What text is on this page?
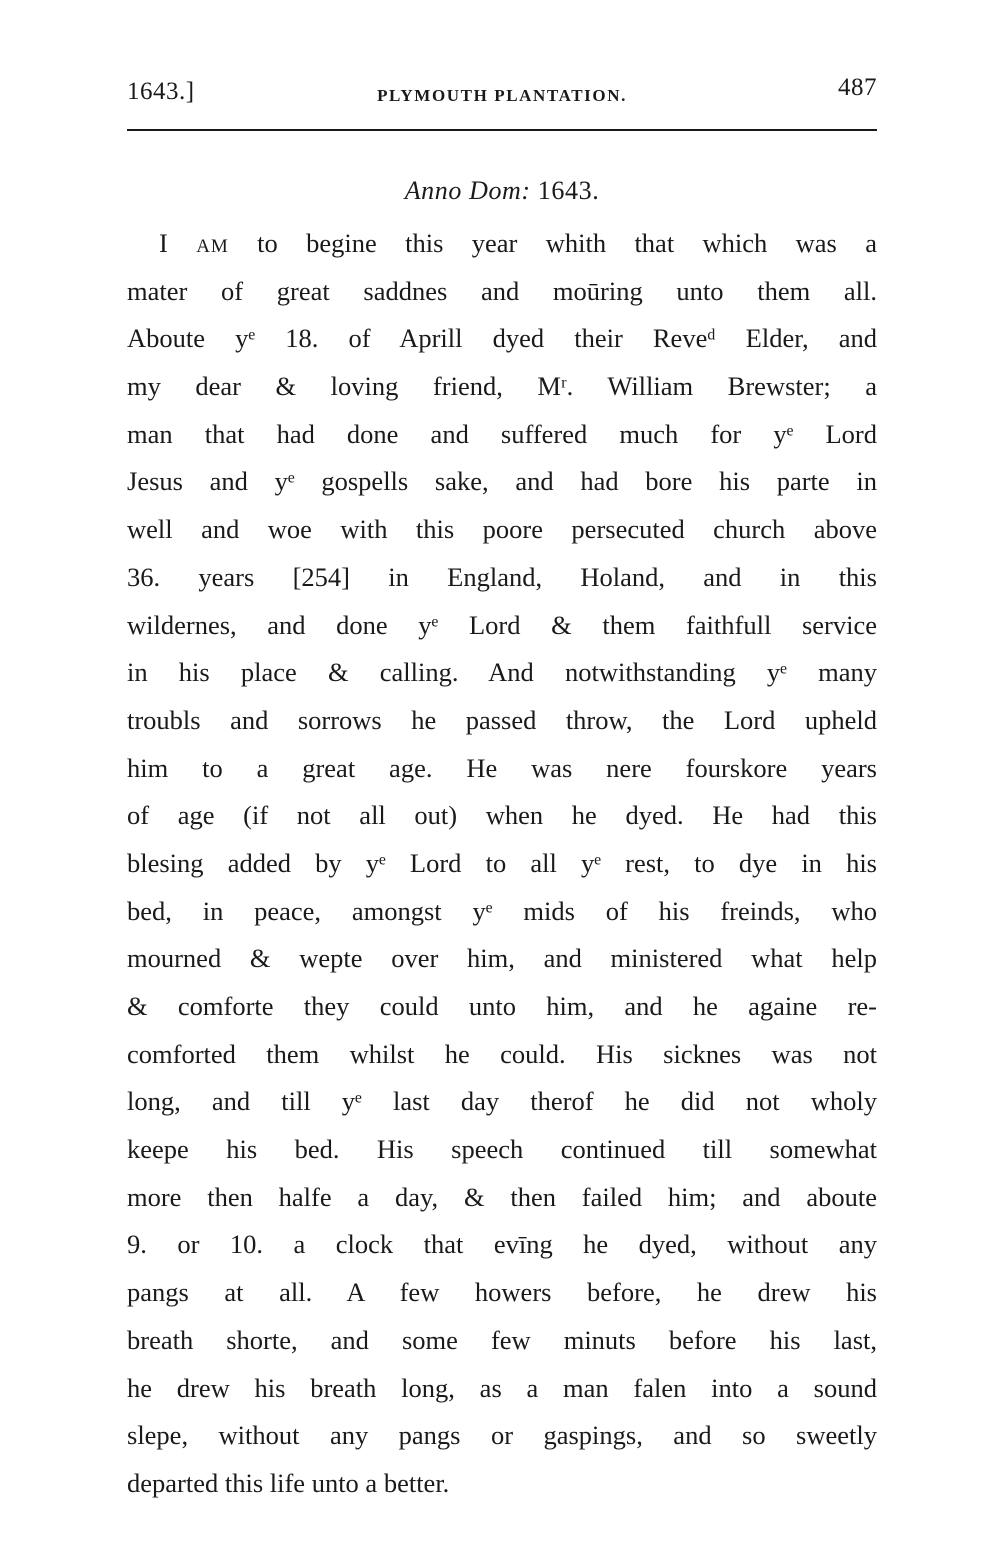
1643.]	PLYMOUTH PLANTATION.	487
Anno Dom: 1643.
I AM to begine this year whith that which was a
mater of great saddnes and moūring unto them all.
Aboute yᵉ 18. of Aprill dyed their Reveᵈ Elder, and
my dear & loving friend, Mʳ. William Brewster; a
man that had done and suffered much for yᵉ Lord
Jesus and yᵉ gospells sake, and had bore his parte in
well and woe with this poore persecuted church above
36. years [254] in England, Holand, and in this
wildernes, and done yᵉ Lord & them faithfull service
in his place & calling. And notwithstanding yᵉ many
troubls and sorrows he passed throw, the Lord upheld
him to a great age. He was nere fourskore years
of age (if not all out) when he dyed. He had this
blesing added by yᵉ Lord to all yᵉ rest, to dye in his
bed, in peace, amongst yᵉ mids of his freinds, who
mourned & wepte over him, and ministered what help
& comforte they could unto him, and he againe re-
comforted them whilst he could. His sicknes was not
long, and till yᵉ last day therof he did not wholy
keepe his bed. His speech continued till somewhat
more then halfe a day, & then failed him; and aboute
9. or 10. a clock that evīng he dyed, without any
pangs at all. A few howers before, he drew his
breath shorte, and some few minuts before his last,
he drew his breath long, as a man falen into a sound
slepe, without any pangs or gaspings, and so sweetly
departed this life unto a better.
